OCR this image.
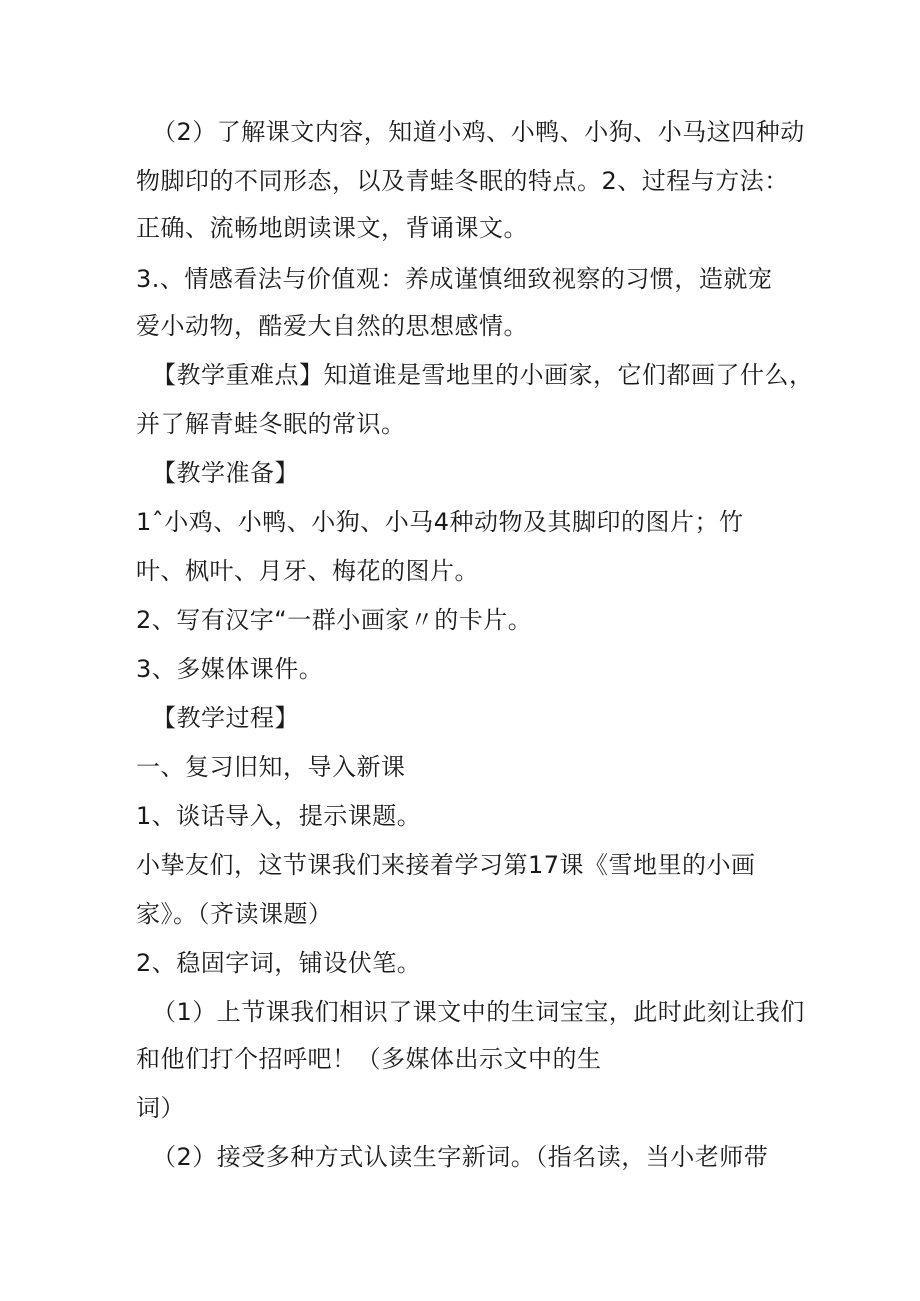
（2）了解课文内容，知道小鸡、小鸭、小狗、小马这四种动
物脚印的不同形态，以及青蛙冬眠的特点。2、过程与方法：
正确、流畅地朗读课文，背诵课文。
3.、情感看法与价值观：养成谨慎细致视察的习惯，造就宠
爱小动物，酷爱大自然的思想感情。
【教学重难点】知道谁是雪地里的小画家，它们都画了什么，
并了解青蛙冬眠的常识。
【教学准备】
1ˆ小鸡、小鸭、小狗、小马4种动物及其脚印的图片；竹
叶、枫叶、月牙、梅花的图片。
2、写有汉字“一群小画家〃的卡片。
3、多媒体课件。
【教学过程】
一、复习旧知，导入新课
1、谈话导入，提示课题。
小挚友们，这节课我们来接着学习第17课《雪地里的小画
家》。（齐读课题）
2、稳固字词，铺设伏笔。
（1）上节课我们相识了课文中的生词宝宝，此时此刻让我们
和他们打个招呼吧！（多媒体出示文中的生
词）
（2）接受多种方式认读生字新词。（指名读，当小老师带
